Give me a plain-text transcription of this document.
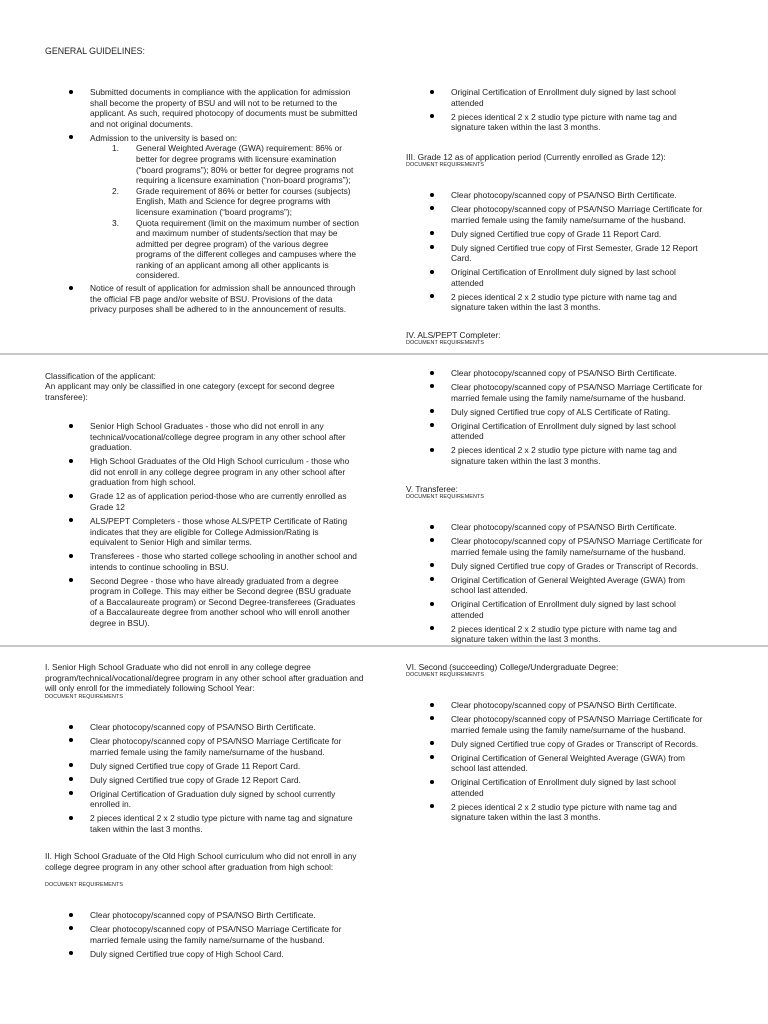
GENERAL GUIDELINES:
Submitted documents in compliance with the application for admission shall become the property of BSU and will not to be returned to the applicant. As such, required photocopy of documents must be submitted and not original documents.
Admission to the university is based on:
1. General Weighted Average (GWA) requirement: 86% or better for degree programs with licensure examination (“board programs”); 80% or better for degree programs not requiring a licensure examination (“non-board programs”);
2. Grade requirement of 86% or better for courses (subjects) English, Math and Science for degree programs with licensure examination (“board programs”);
3. Quota requirement (limit on the maximum number of section and maximum number of students/section that may be admitted per degree program) of the various degree programs of the different colleges and campuses where the ranking of an applicant among all other applicants is considered.
Notice of result of application for admission shall be announced through the official FB page and/or website of BSU. Provisions of the data privacy purposes shall be adhered to in the announcement of results.
Original Certification of Enrollment duly signed by last school attended
2 pieces identical 2 x 2 studio type picture with name tag and signature taken within the last 3 months.
III. Grade 12 as of application period (Currently enrolled as Grade 12):
DOCUMENT REQUIREMENTS
Clear photocopy/scanned copy of PSA/NSO Birth Certificate.
Clear photocopy/scanned copy of PSA/NSO Marriage Certificate for married female using the family name/surname of the husband.
Duly signed Certified true copy of Grade 11 Report Card.
Duly signed Certified true copy of First Semester, Grade 12 Report Card.
Original Certification of Enrollment duly signed by last school attended
2 pieces identical 2 x 2 studio type picture with name tag and signature taken within the last 3 months.
IV. ALS/PEPT Completer:
DOCUMENT REQUIREMENTS
Classification of the applicant:
An applicant may only be classified in one category (except for second degree transferee):
Senior High School Graduates - those who did not enroll in any technical/vocational/college degree program in any other school after graduation.
High School Graduates of the Old High School curriculum - those who did not enroll in any college degree program in any other school after graduation from high school.
Grade 12 as of application period-those who are currently enrolled as Grade 12
ALS/PEPT Completers - those whose ALS/PETP Certificate of Rating indicates that they are eligible for College Admission/Rating is equivalent to Senior High and similar terms.
Transferees - those who started college schooling in another school and intends to continue schooling in BSU.
Second Degree - those who have already graduated from a degree program in College. This may either be Second degree (BSU graduate of a Baccalaureate program) or Second Degree-transferees (Graduates of a Baccalaureate degree from another school who will enroll another degree in BSU).
Clear photocopy/scanned copy of PSA/NSO Birth Certificate.
Clear photocopy/scanned copy of PSA/NSO Marriage Certificate for married female using the family name/surname of the husband.
Duly signed Certified true copy of ALS Certificate of Rating.
Original Certification of Enrollment duly signed by last school attended
2 pieces identical 2 x 2 studio type picture with name tag and signature taken within the last 3 months.
V. Transferee:
DOCUMENT REQUIREMENTS
Clear photocopy/scanned copy of PSA/NSO Birth Certificate.
Clear photocopy/scanned copy of PSA/NSO Marriage Certificate for married female using the family name/surname of the husband.
Duly signed Certified true copy of Grades or Transcript of Records.
Original Certification of General Weighted Average (GWA) from school last attended.
Original Certification of Enrollment duly signed by last school attended
2 pieces identical 2 x 2 studio type picture with name tag and signature taken within the last 3 months.
I. Senior High School Graduate who did not enroll in any college degree program/technical/vocational/degree program in any other school after graduation and will only enroll for the immediately following School Year:
DOCUMENT REQUIREMENTS
Clear photocopy/scanned copy of PSA/NSO Birth Certificate.
Clear photocopy/scanned copy of PSA/NSO Marriage Certificate for married female using the family name/surname of the husband.
Duly signed Certified true copy of Grade 11 Report Card.
Duly signed Certified true copy of Grade 12 Report Card.
Original Certification of Graduation duly signed by school currently enrolled in.
2 pieces identical 2 x 2 studio type picture with name tag and signature taken within the last 3 months.
VI. Second (succeeding) College/Undergraduate Degree:
DOCUMENT REQUIREMENTS
Clear photocopy/scanned copy of PSA/NSO Birth Certificate.
Clear photocopy/scanned copy of PSA/NSO Marriage Certificate for married female using the family name/surname of the husband.
Duly signed Certified true copy of Grades or Transcript of Records.
Original Certification of General Weighted Average (GWA) from school last attended.
Original Certification of Enrollment duly signed by last school attended
2 pieces identical 2 x 2 studio type picture with name tag and signature taken within the last 3 months.
II. High School Graduate of the Old High School curriculum who did not enroll in any college degree program in any other school after graduation from high school:
DOCUMENT REQUIREMENTS
Clear photocopy/scanned copy of PSA/NSO Birth Certificate.
Clear photocopy/scanned copy of PSA/NSO Marriage Certificate for married female using the family name/surname of the husband.
Duly signed Certified true copy of High School Card.
